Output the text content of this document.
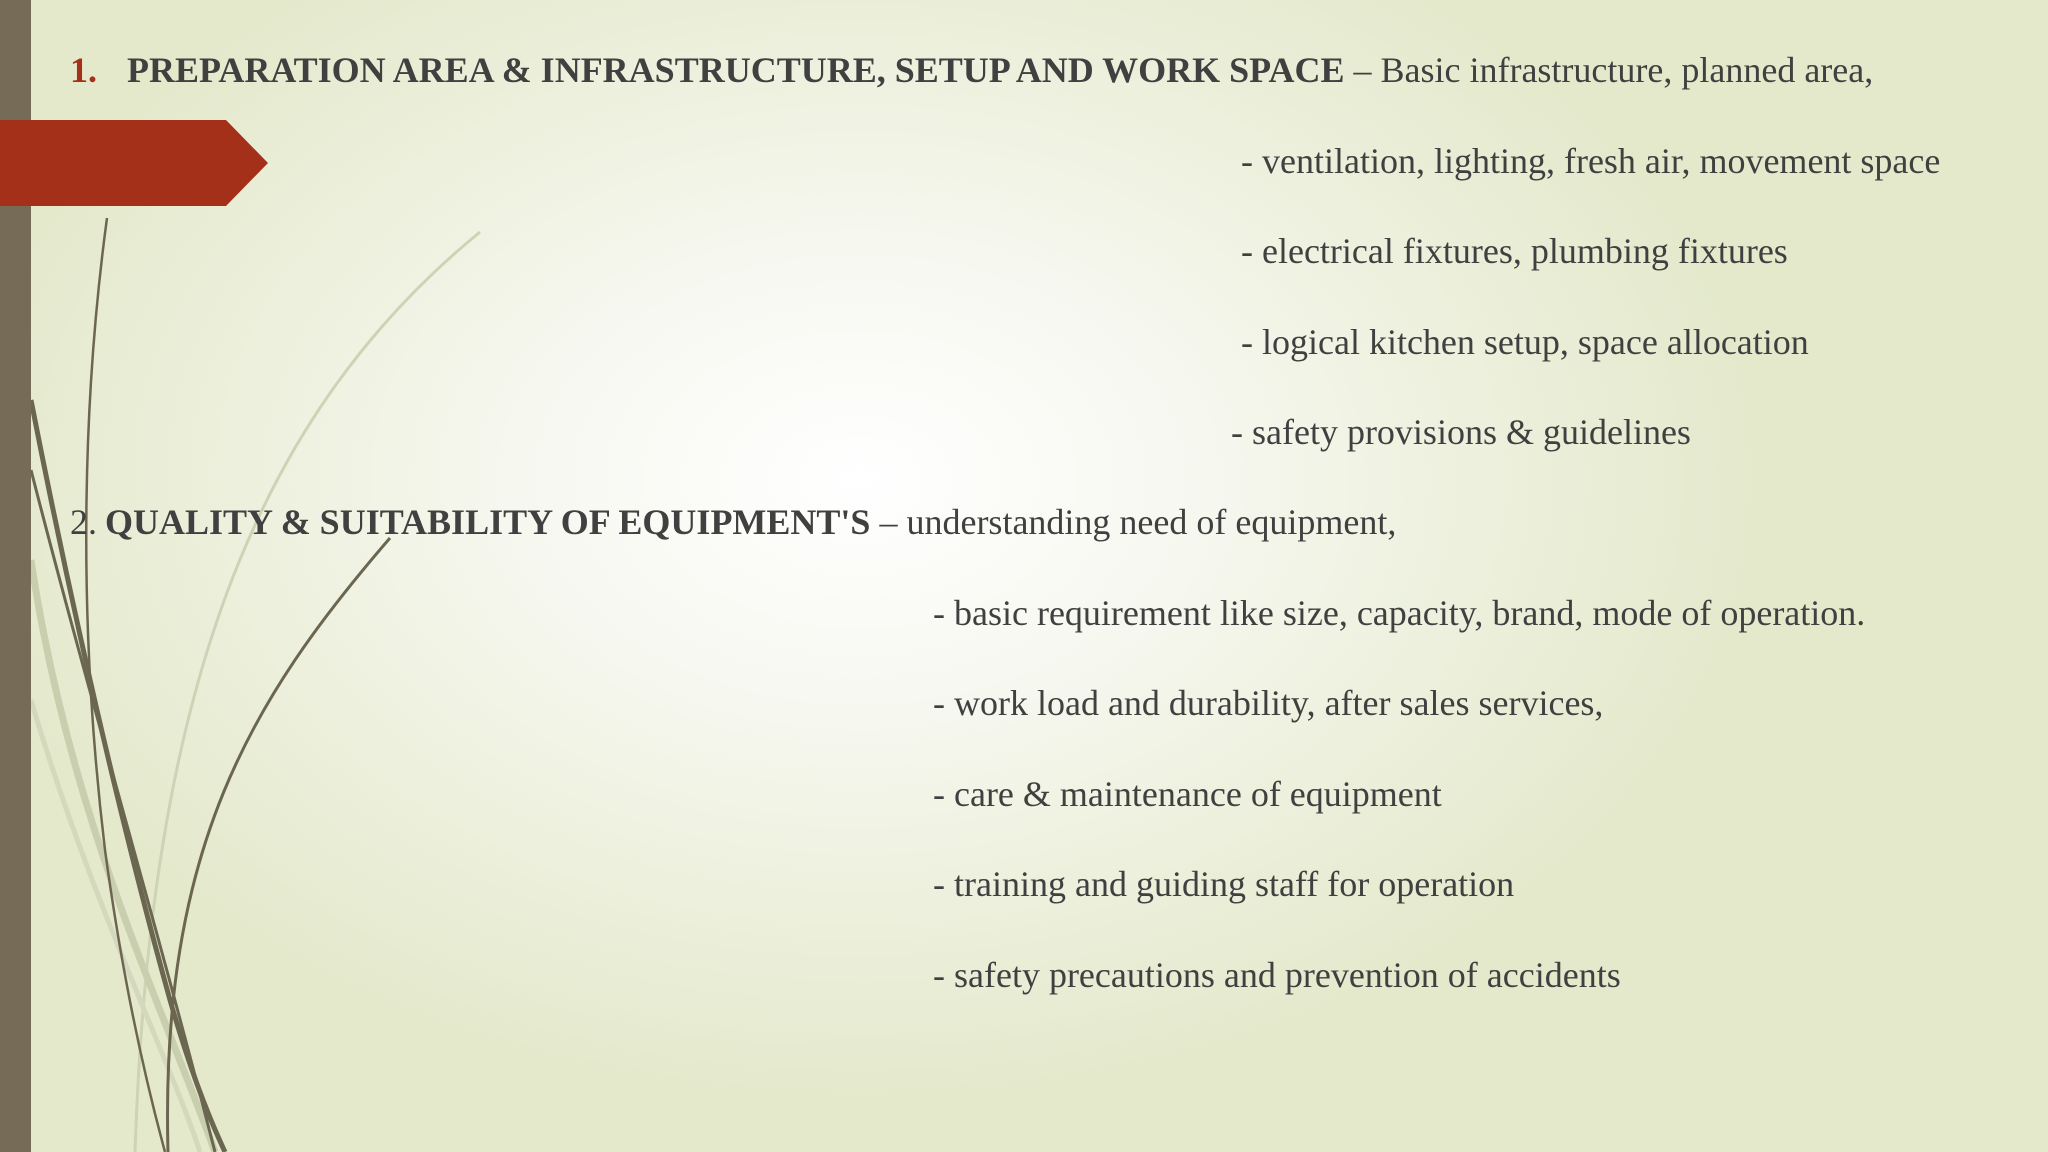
1. PREPARATION AREA & INFRASTRUCTURE, SETUP AND WORK SPACE – Basic infrastructure, planned area,
- ventilation, lighting, fresh air, movement space
- electrical fixtures, plumbing fixtures
- logical kitchen setup, space allocation
- safety provisions & guidelines
2. QUALITY & SUITABILITY OF EQUIPMENT'S – understanding need of equipment,
- basic requirement like size, capacity, brand, mode of operation.
- work load and durability, after sales services,
- care & maintenance of equipment
- training and guiding staff for operation
- safety precautions and prevention of accidents
